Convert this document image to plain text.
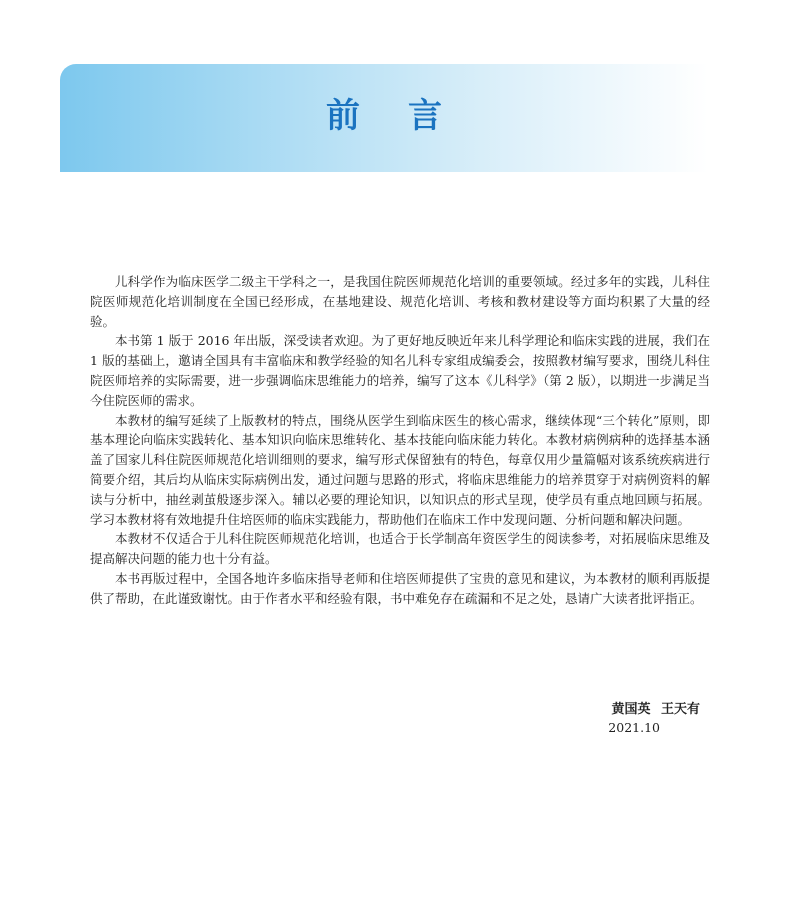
前言

儿科学作为临床医学二级主干学科之一，是我国住院医师规范化培训的重要领域。经过多年的实践，儿科住院医师规范化培训制度在全国已经形成，在基地建设、规范化培训、考核和教材建设等方面均积累了大量的经验。

本书第 1 版于 2016 年出版，深受读者欢迎。为了更好地反映近年来儿科学理论和临床实践的进展，我们在 1 版的基础上，邀请全国具有丰富临床和教学经验的知名儿科专家组成编委会，按照教材编写要求，围绕儿科住院医师培养的实际需要，进一步强调临床思维能力的培养，编写了这本《儿科学》（第 2 版），以期进一步满足当今住院医师的需求。

本教材的编写延续了上版教材的特点，围绕从医学生到临床医生的核心需求，继续体现“三个转化”原则，即基本理论向临床实践转化、基本知识向临床思维转化、基本技能向临床能力转化。本教材病例病种的选择基本涵盖了国家儿科住院医师规范化培训细则的要求，编写形式保留独有的特色，每章仅用少量篇幅对该系统疾病进行简要介绍，其后均从临床实际病例出发，通过问题与思路的形式，将临床思维能力的培养贯穿于对病例资料的解读与分析中，抽丝剥茧般逐步深入。辅以必要的理论知识，以知识点的形式呈现，使学员有重点地回顾与拓展。学习本教材将有效地提升住培医师的临床实践能力，帮助他们在临床工作中发现问题、分析问题和解决问题。

本教材不仅适合于儿科住院医师规范化培训，也适合于长学制高年资医学生的阅读参考，对拓展临床思维及提高解决问题的能力也十分有益。

本书再版过程中，全国各地许多临床指导老师和住培医师提供了宝贵的意见和建议，为本教材的顺利再版提供了帮助，在此谨致谢忱。由于作者水平和经验有限，书中难免存在疏漏和不足之处，恳请广大读者批评指正。

黄国英 王天有
2021.10
